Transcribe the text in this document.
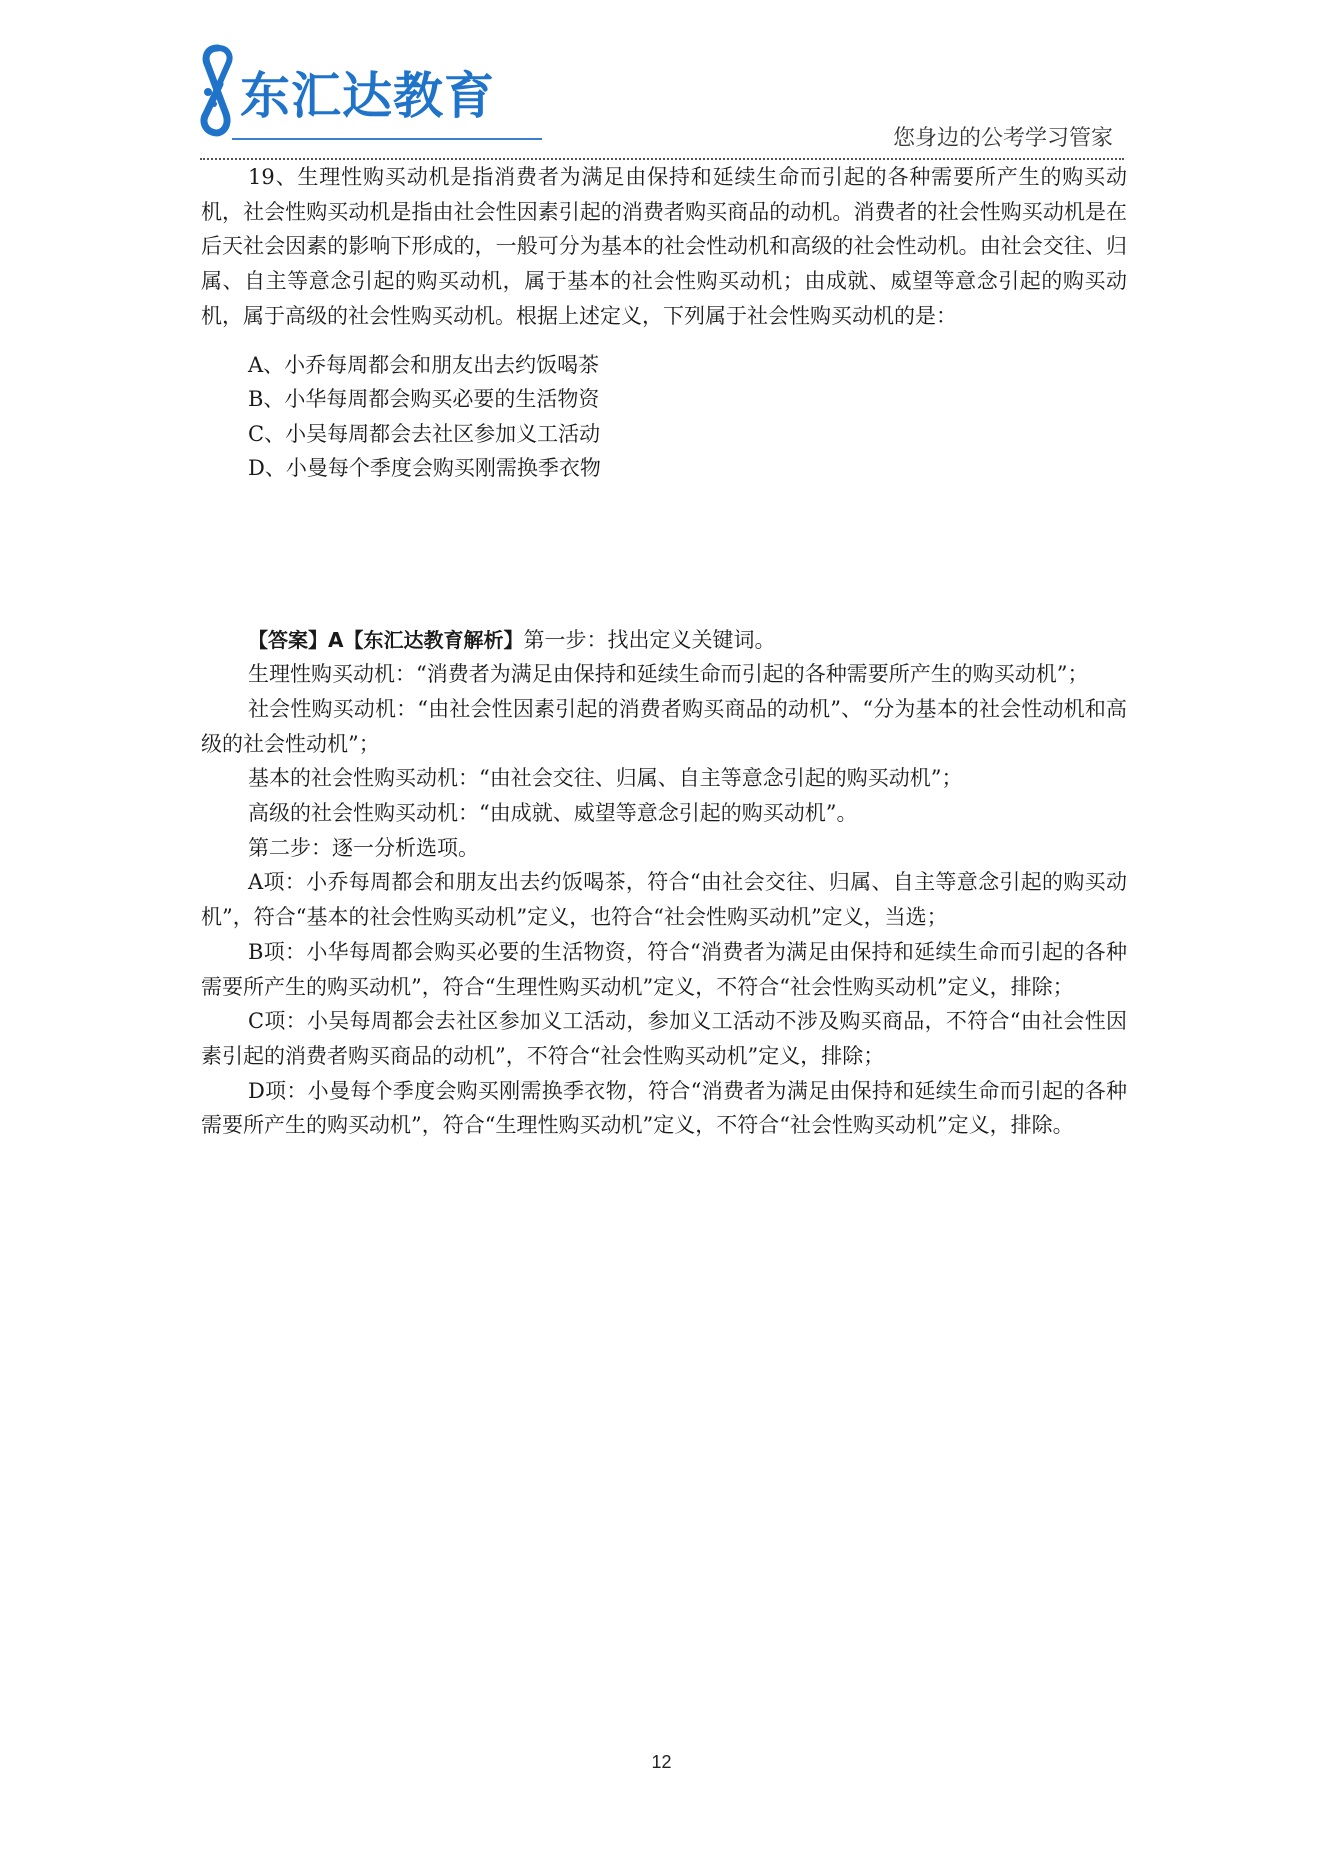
东汇达教育
您身边的公考学习管家

19、生理性购买动机是指消费者为满足由保持和延续生命而引起的各种需要所产生的购买动机，社会性购买动机是指由社会性因素引起的消费者购买商品的动机。消费者的社会性购买动机是在后天社会因素的影响下形成的，一般可分为基本的社会性动机和高级的社会性动机。由社会交往、归属、自主等意念引起的购买动机，属于基本的社会性购买动机；由成就、威望等意念引起的购买动机，属于高级的社会性购买动机。根据上述定义，下列属于社会性购买动机的是：

A、小乔每周都会和朋友出去约饭喝茶

B、小华每周都会购买必要的生活物资

C、小吴每周都会去社区参加义工活动

D、小曼每个季度会购买刚需换季衣物

【答案】A【东汇达教育解析】第一步：找出定义关键词。

生理性购买动机：“消费者为满足由保持和延续生命而引起的各种需要所产生的购买动机”；

社会性购买动机：“由社会性因素引起的消费者购买商品的动机”、“分为基本的社会性动机和高级的社会性动机”；

基本的社会性购买动机：“由社会交往、归属、自主等意念引起的购买动机”；

高级的社会性购买动机：“由成就、威望等意念引起的购买动机”。

第二步：逐一分析选项。

A项：小乔每周都会和朋友出去约饭喝茶，符合“由社会交往、归属、自主等意念引起的购买动机”，符合“基本的社会性购买动机”定义，也符合“社会性购买动机”定义，当选；

B项：小华每周都会购买必要的生活物资，符合“消费者为满足由保持和延续生命而引起的各种需要所产生的购买动机”，符合“生理性购买动机”定义，不符合“社会性购买动机”定义，排除；

C项：小吴每周都会去社区参加义工活动，参加义工活动不涉及购买商品，不符合“由社会性因素引起的消费者购买商品的动机”，不符合“社会性购买动机”定义，排除；

D项：小曼每个季度会购买刚需换季衣物，符合“消费者为满足由保持和延续生命而引起的各种需要所产生的购买动机”，符合“生理性购买动机”定义，不符合“社会性购买动机”定义，排除。

12
